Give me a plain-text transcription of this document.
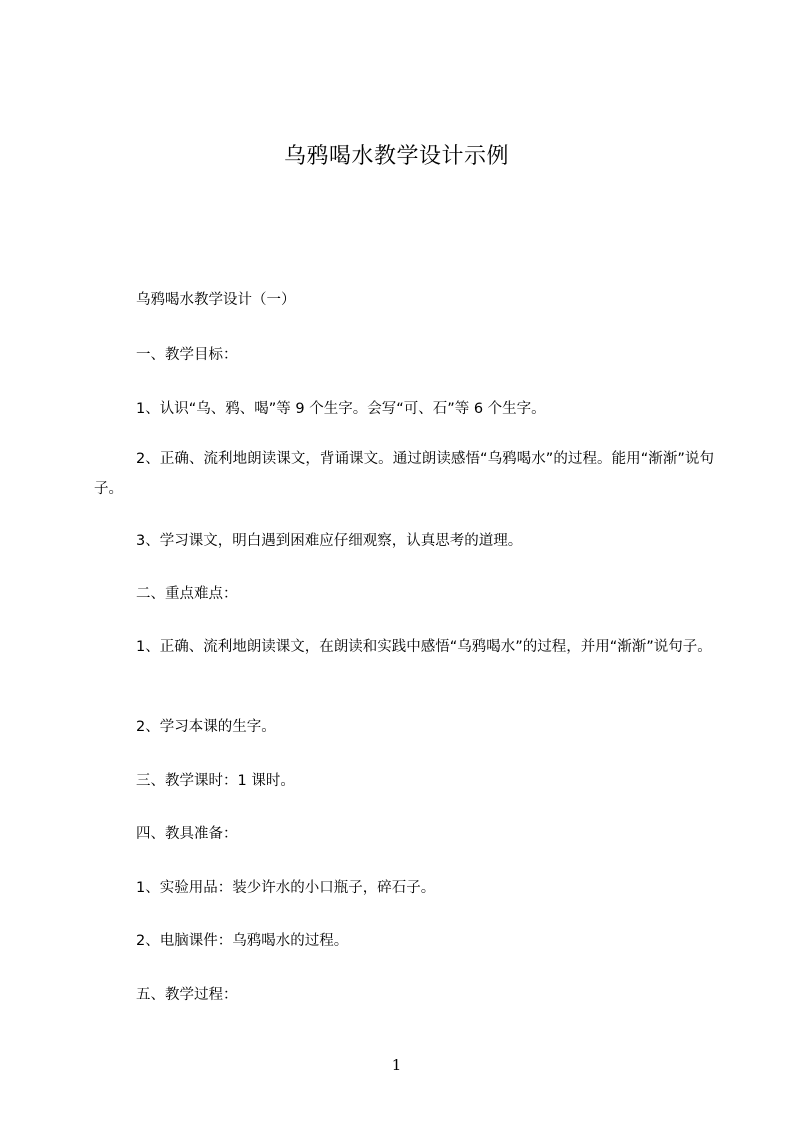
乌鸦喝水教学设计示例
乌鸦喝水教学设计（一）
一、教学目标：
1、认识“乌、鸦、喝”等 9 个生字。会写“可、石”等 6 个生字。
2、正确、流利地朗读课文，背诵课文。通过朗读感悟“乌鸦喝水”的过程。能用“渐渐”说句子。
3、学习课文，明白遇到困难应仔细观察，认真思考的道理。
二、重点难点：
1、正确、流利地朗读课文，在朗读和实践中感悟“乌鸦喝水”的过程，并用“渐渐”说句子。
2、学习本课的生字。
三、教学课时：1 课时。
四、教具准备：
1、实验用品：装少许水的小口瓶子，碎石子。
2、电脑课件：乌鸦喝水的过程。
五、教学过程：
1
